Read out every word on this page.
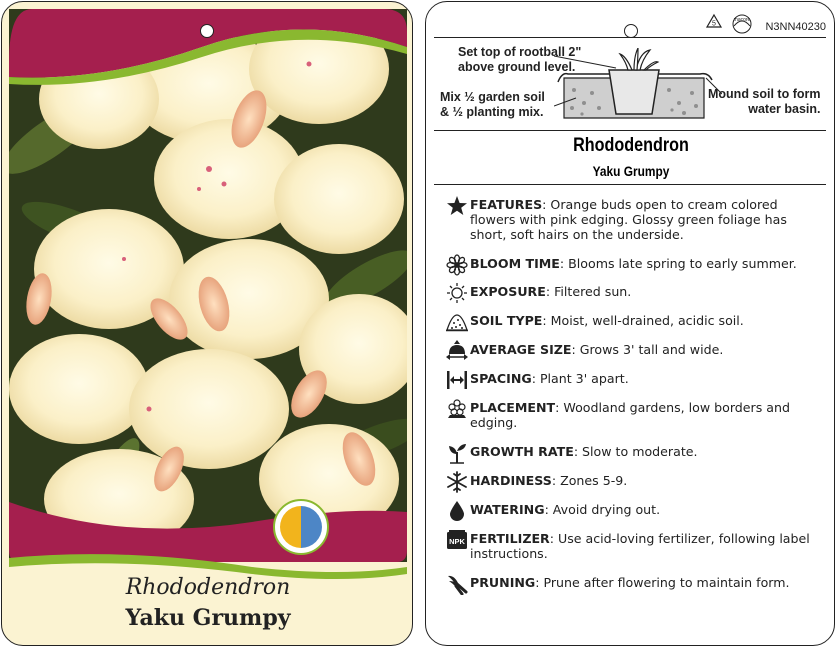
Rhododendron
Yaku Grumpy
5
macore
N3NN40230
Set top of rootball 2"
above ground level.
Mix ½ garden soil
& ½ planting mix.
Mound soil to form
water basin.
Rhododendron
Yaku Grumpy
FEATURES: Orange buds open to cream colored flowers with pink edging. Glossy green foliage has short, soft hairs on the underside.
BLOOM TIME: Blooms late spring to early summer.
EXPOSURE: Filtered sun.
SOIL TYPE: Moist, well-drained, acidic soil.
AVERAGE SIZE: Grows 3' tall and wide.
SPACING: Plant 3' apart.
PLACEMENT: Woodland gardens, low borders and edging.
GROWTH RATE: Slow to moderate.
HARDINESS: Zones 5-9.
WATERING: Avoid drying out.
NPK FERTILIZER: Use acid-loving fertilizer, following label instructions.
PRUNING: Prune after flowering to maintain form.
